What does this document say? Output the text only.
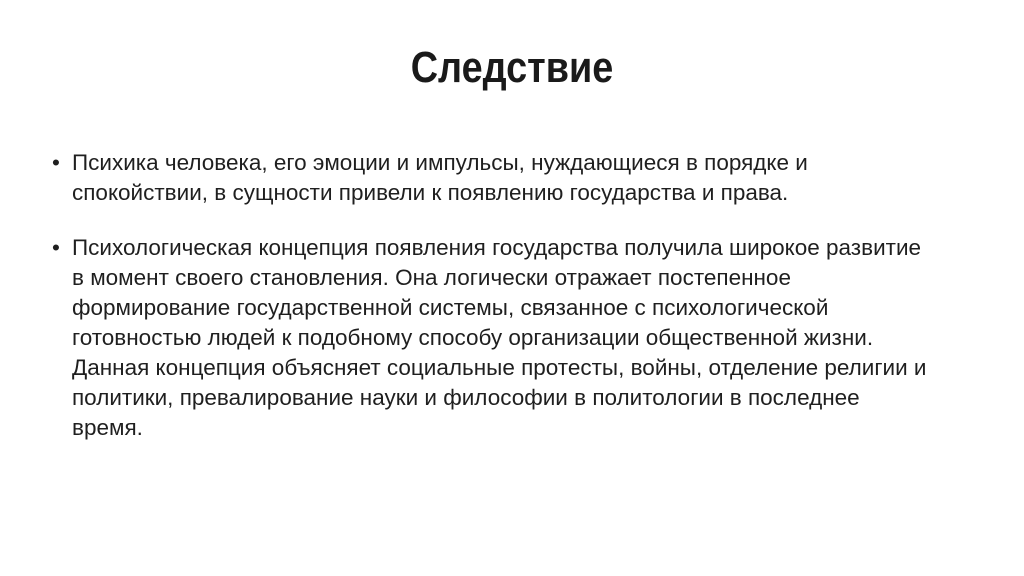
Следствие
• Психика человека, его эмоции и импульсы, нуждающиеся в порядке и спокойствии, в сущности привели к появлению государства и права.
• Психологическая концепция появления государства получила широкое развитие в момент своего становления. Она логически отражает постепенное формирование государственной системы, связанное с психологической готовностью людей к подобному способу организации общественной жизни. Данная концепция объясняет социальные протесты, войны, отделение религии и политики, превалирование науки и философии в политологии в последнее время.
